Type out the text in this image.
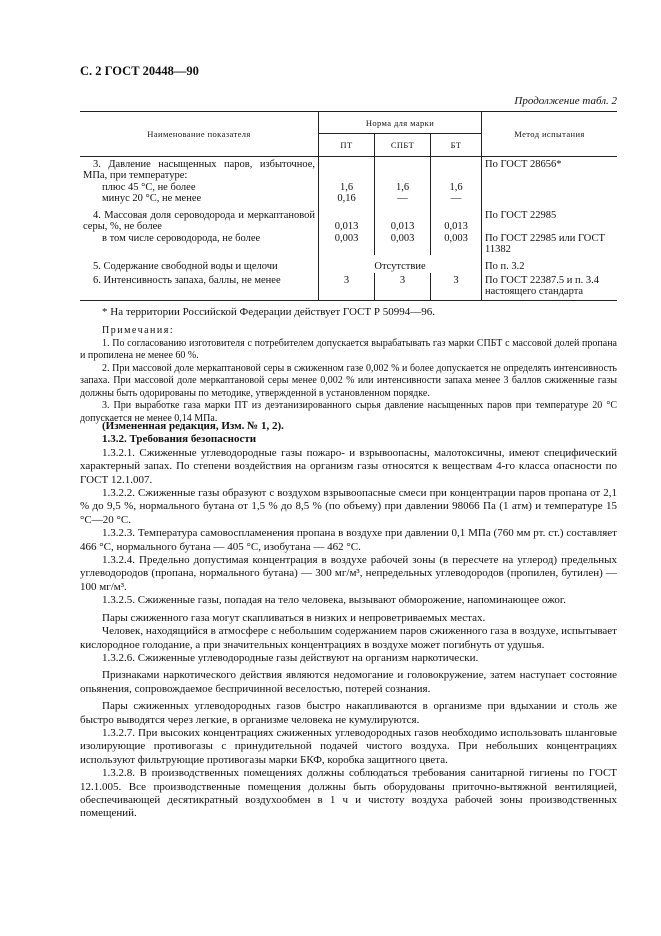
С. 2 ГОСТ 20448—90
Продолжение табл. 2
Наименование показателя	Норма для марки			Метод испытания
	ПТ	СПБТ	БТ	

3. Давление насыщенных паров, избыточное, МПа, при температуре:				По ГОСТ 28656*
плюс 45 °С, не более	1,6	1,6	1,6	
минус 20 °С, не менее	0,16	—	—	

4. Массовая доля сероводорода и меркаптановой серы, %, не более	0,013	0,013	0,013	По ГОСТ 22985
в том числе сероводорода, не более	0,003	0,003	0,003	По ГОСТ 22985 или ГОСТ 11382
5. Содержание свободной воды и щелочи	Отсутствие			По п. 3.2
6. Интенсивность запаха, баллы, не менее	3	3	3	По ГОСТ 22387.5 и п. 3.4 настоящего стандарта

* На территории Российской Федерации действует ГОСТ Р 50994—96.

Примечания:

1. По согласованию изготовителя с потребителем допускается вырабатывать газ марки СПБТ с массовой долей пропана и пропилена не менее 60 %.

2. При массовой доле меркаптановой серы в сжиженном газе 0,002 % и более допускается не определять интенсивность запаха. При массовой доле меркаптановой серы менее 0,002 % или интенсивности запаха менее 3 баллов сжиженные газы должны быть одорированы по методике, утвержденной в установленном порядке.

3. При выработке газа марки ПТ из деэтанизированного сырья давление насыщенных паров при температуре 20 °С допускается не менее 0,14 МПа.

(Измененная редакция, Изм. № 1, 2).

1.3.2. Требования безопасности

1.3.2.1. Сжиженные углеводородные газы пожаро- и взрывоопасны, малотоксичны, имеют специфический характерный запах. По степени воздействия на организм газы относятся к веществам 4-го класса опасности по ГОСТ 12.1.007.

1.3.2.2. Сжиженные газы образуют с воздухом взрывоопасные смеси при концентрации паров пропана от 2,1 % до 9,5 %, нормального бутана от 1,5 % до 8,5 % (по объему) при давлении 98066 Па (1 атм) и температуре 15 °С—20 °С.

1.3.2.3. Температура самовоспламенения пропана в воздухе при давлении 0,1 МПа (760 мм рт. ст.) составляет 466 °С, нормального бутана — 405 °С, изобутана — 462 °С.

1.3.2.4. Предельно допустимая концентрация в воздухе рабочей зоны (в пересчете на углерод) предельных углеводородов (пропана, нормального бутана) — 300 мг/м³, непредельных углеводородов (пропилен, бутилен) — 100 мг/м³.

1.3.2.5. Сжиженные газы, попадая на тело человека, вызывают обморожение, напоминающее ожог.

Пары сжиженного газа могут скапливаться в низких и непроветриваемых местах.

Человек, находящийся в атмосфере с небольшим содержанием паров сжиженного газа в воздухе, испытывает кислородное голодание, а при значительных концентрациях в воздухе может погибнуть от удушья.

1.3.2.6. Сжиженные углеводородные газы действуют на организм наркотически.

Признаками наркотического действия являются недомогание и головокружение, затем наступает состояние опьянения, сопровождаемое беспричинной веселостью, потерей сознания.

Пары сжиженных углеводородных газов быстро накапливаются в организме при вдыхании и столь же быстро выводятся через легкие, в организме человека не кумулируются.

1.3.2.7. При высоких концентрациях сжиженных углеводородных газов необходимо использовать шланговые изолирующие противогазы с принудительной подачей чистого воздуха. При небольших концентрациях используют фильтрующие противогазы марки БКФ, коробка защитного цвета.

1.3.2.8. В производственных помещениях должны соблюдаться требования санитарной гигиены по ГОСТ 12.1.005. Все производственные помещения должны быть оборудованы приточно-вытяжной вентиляцией, обеспечивающей десятикратный воздухообмен в 1 ч и чистоту воздуха рабочей зоны производственных помещений.
